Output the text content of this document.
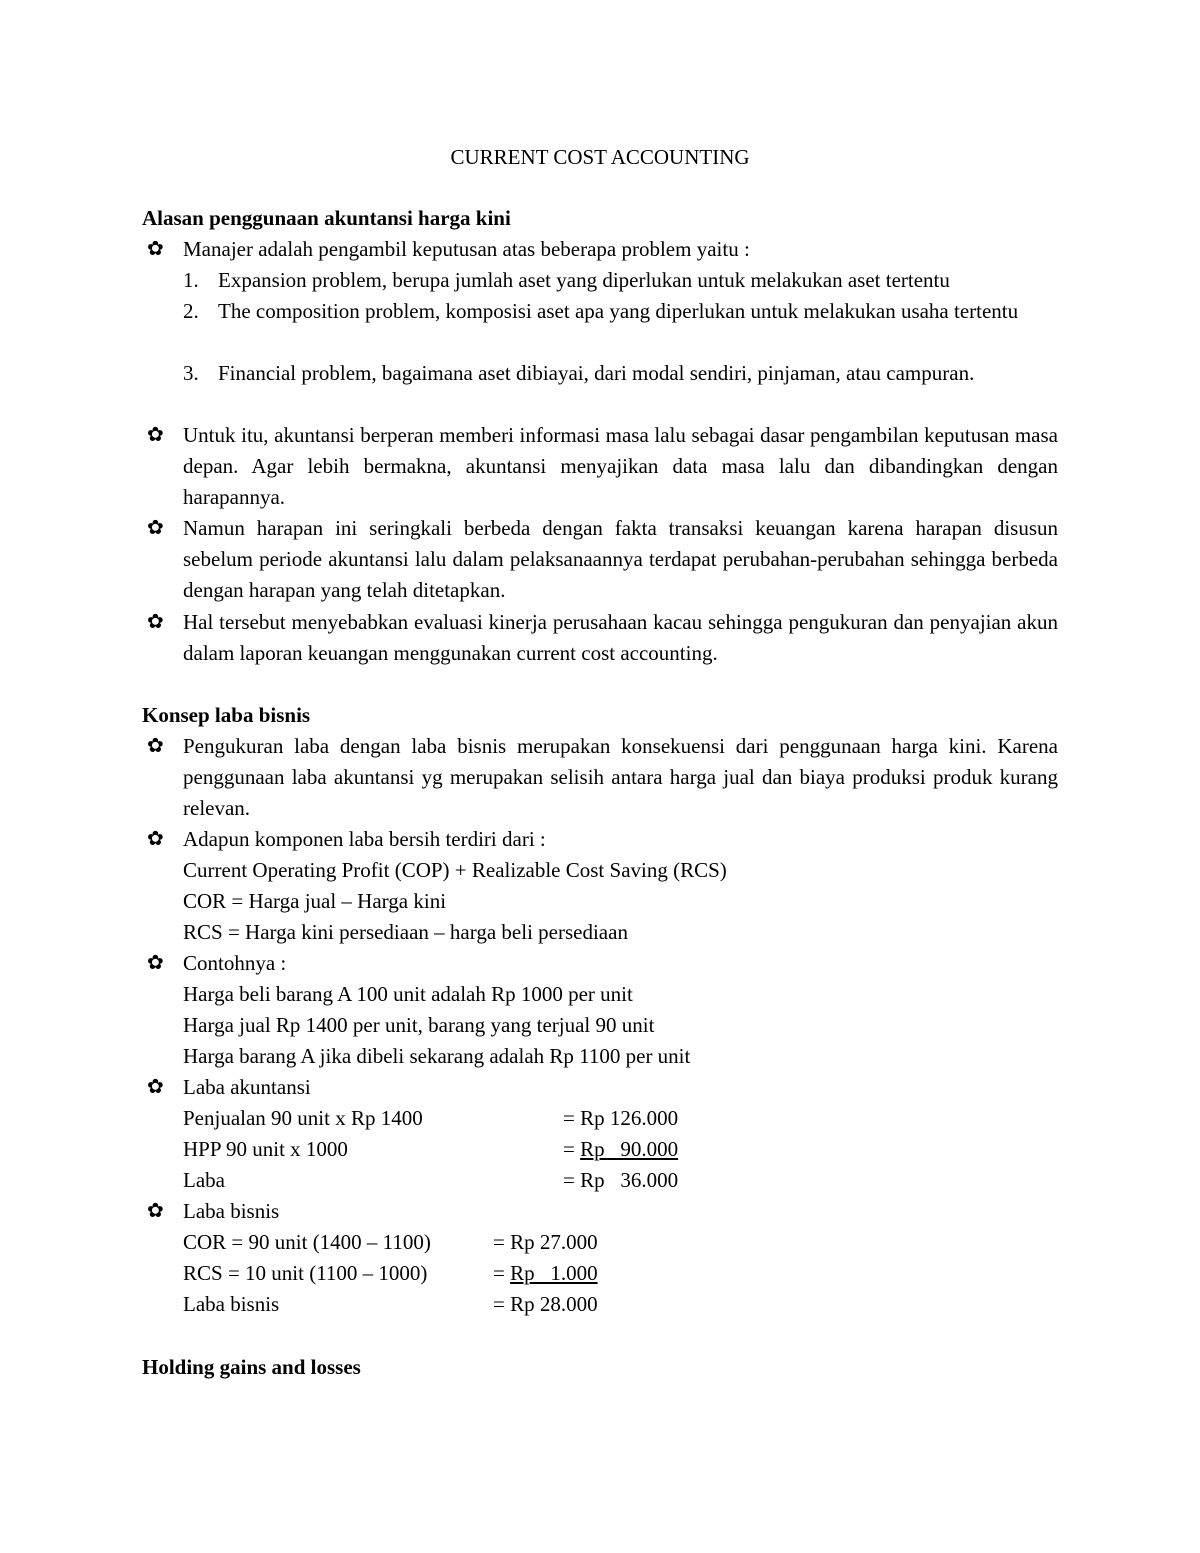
CURRENT COST ACCOUNTING
Alasan penggunaan akuntansi harga kini
✿ Manajer adalah pengambil keputusan atas beberapa problem yaitu :
1. Expansion problem, berupa jumlah aset yang diperlukan untuk melakukan aset tertentu
2. The composition problem, komposisi aset apa yang diperlukan untuk melakukan usaha tertentu
3. Financial problem, bagaimana aset dibiayai, dari modal sendiri, pinjaman, atau campuran.
✿ Untuk itu, akuntansi berperan memberi informasi masa lalu sebagai dasar pengambilan keputusan masa depan. Agar lebih bermakna, akuntansi menyajikan data masa lalu dan dibandingkan dengan harapannya.
✿ Namun harapan ini seringkali berbeda dengan fakta transaksi keuangan karena harapan disusun sebelum periode akuntansi lalu dalam pelaksanaannya terdapat perubahan-perubahan sehingga berbeda dengan harapan yang telah ditetapkan.
✿ Hal tersebut menyebabkan evaluasi kinerja perusahaan kacau sehingga pengukuran dan penyajian akun dalam laporan keuangan menggunakan current cost accounting.
Konsep laba bisnis
✿ Pengukuran laba dengan laba bisnis merupakan konsekuensi dari penggunaan harga kini. Karena penggunaan laba akuntansi yg merupakan selisih antara harga jual dan biaya produksi produk kurang relevan.
✿ Adapun komponen laba bersih terdiri dari :
Current Operating Profit (COP) + Realizable Cost Saving (RCS)
COR = Harga jual – Harga kini
RCS = Harga kini persediaan – harga beli persediaan
✿ Contohnya :
Harga beli barang A 100 unit adalah Rp 1000 per unit
Harga jual Rp 1400 per unit, barang yang terjual 90 unit
Harga barang A jika dibeli sekarang adalah Rp 1100 per unit
✿ Laba akuntansi
Penjualan 90 unit x Rp 1400	= Rp 126.000
HPP 90 unit x 1000	= Rp   90.000
Laba	= Rp   36.000
✿ Laba bisnis
COR = 90 unit (1400 – 1100)	= Rp 27.000
RCS = 10 unit (1100 – 1000)	= Rp   1.000
Laba bisnis	= Rp 28.000
Holding gains and losses
